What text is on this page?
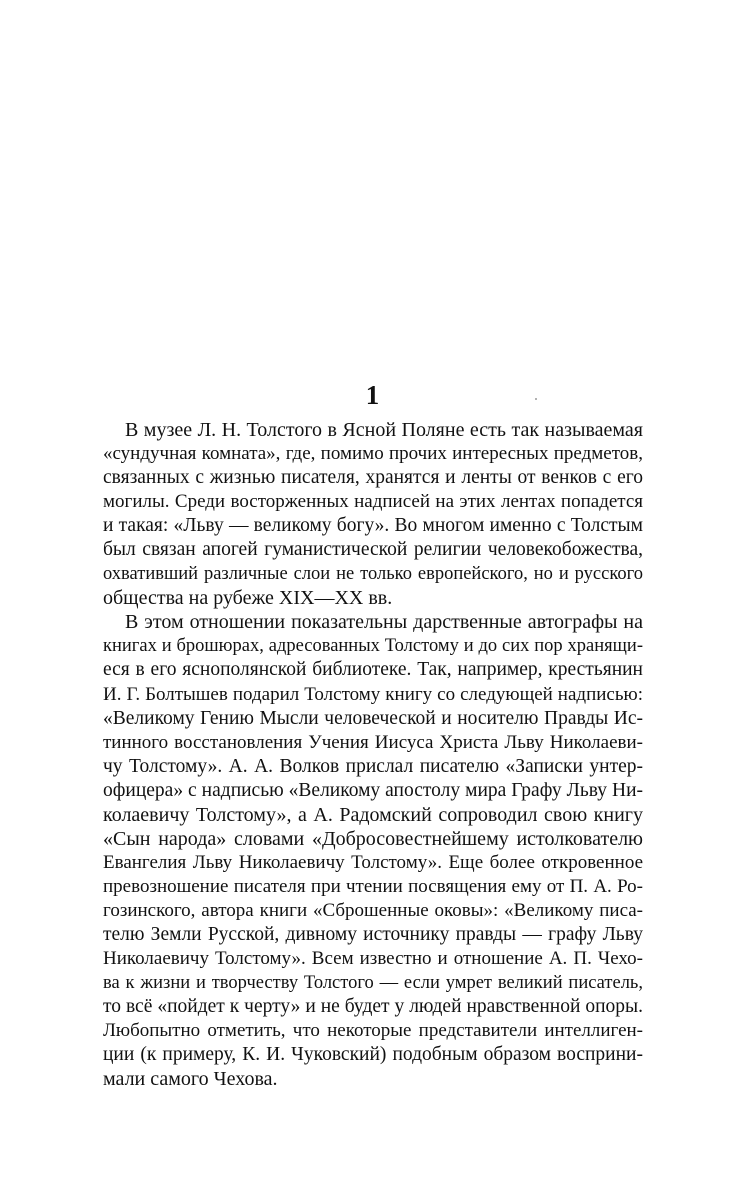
1
В музее Л. Н. Толстого в Ясной Поляне есть так называемая
«сундучная комната», где, помимо прочих интересных предметов,
связанных с жизнью писателя, хранятся и ленты от венков с его
могилы. Среди восторженных надписей на этих лентах попадется
и такая: «Льву — великому богу». Во многом именно с Толстым
был связан апогей гуманистической религии человекобожества,
охвативший различные слои не только европейского, но и русского
общества на рубеже XIX—XX вв.
В этом отношении показательны дарственные автографы на
книгах и брошюрах, адресованных Толстому и до сих пор хранящи-
еся в его яснополянской библиотеке. Так, например, крестьянин
И. Г. Болтышев подарил Толстому книгу со следующей надписью:
«Великому Гению Мысли человеческой и носителю Правды Ис-
тинного восстановления Учения Иисуса Христа Льву Николаеви-
чу Толстому». А. А. Волков прислал писателю «Записки унтер-
офицера» с надписью «Великому апостолу мира Графу Льву Ни-
колаевичу Толстому», а А. Радомский сопроводил свою книгу
«Сын народа» словами «Добросовестнейшему истолкователю
Евангелия Льву Николаевичу Толстому». Еще более откровенное
превозношение писателя при чтении посвящения ему от П. А. Ро-
гозинского, автора книги «Сброшенные оковы»: «Великому писа-
телю Земли Русской, дивному источнику правды — графу Льву
Николаевичу Толстому». Всем известно и отношение А. П. Чехо-
ва к жизни и творчеству Толстого — если умрет великий писатель,
то всё «пойдет к черту» и не будет у людей нравственной опоры.
Любопытно отметить, что некоторые представители интеллиген-
ции (к примеру, К. И. Чуковский) подобным образом восприни-
мали самого Чехова.
